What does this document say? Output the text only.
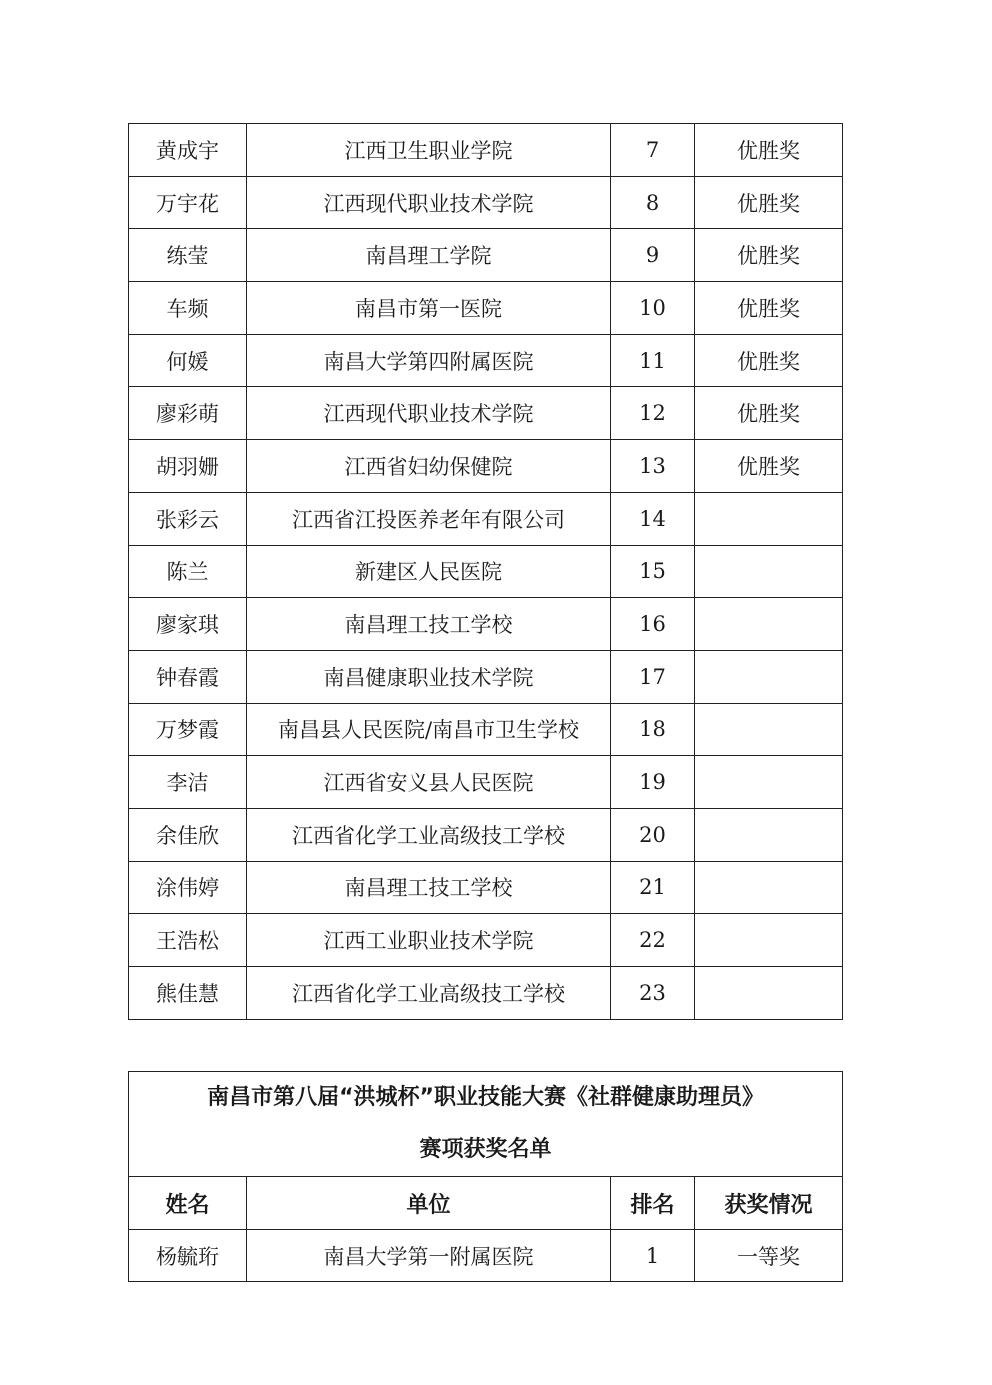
黄成宇	江西卫生职业学院	7	优胜奖
万宇花	江西现代职业技术学院	8	优胜奖
练莹	南昌理工学院	9	优胜奖
车频	南昌市第一医院	10	优胜奖
何媛	南昌大学第四附属医院	11	优胜奖
廖彩萌	江西现代职业技术学院	12	优胜奖
胡羽姗	江西省妇幼保健院	13	优胜奖
张彩云	江西省江投医养老年有限公司	14	
陈兰	新建区人民医院	15	
廖家琪	南昌理工技工学校	16	
钟春霞	南昌健康职业技术学院	17	
万梦霞	南昌县人民医院/南昌市卫生学校	18	
李洁	江西省安义县人民医院	19	
余佳欣	江西省化学工业高级技工学校	20	
涂伟婷	南昌理工技工学校	21	
王浩松	江西工业职业技术学院	22	
熊佳慧	江西省化学工业高级技工学校	23	
南昌市第八届“洪城杯”职业技能大赛《社群健康助理员》
赛项获奖名单			

姓名	单位	排名	获奖情况
杨毓珩	南昌大学第一附属医院	1	一等奖
